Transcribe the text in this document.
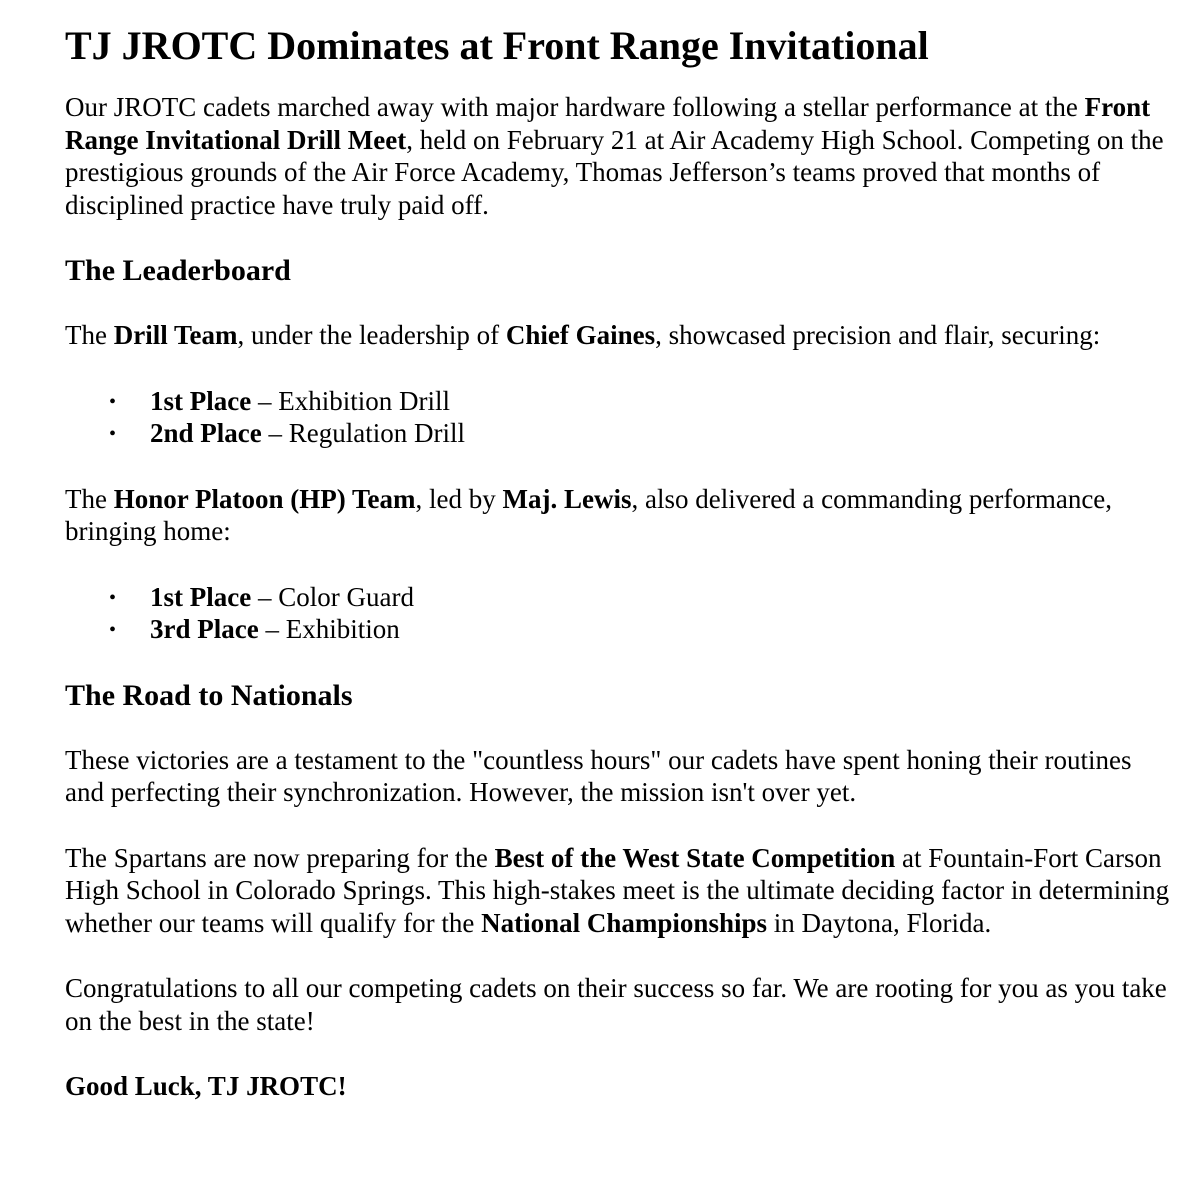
TJ JROTC Dominates at Front Range Invitational

Our JROTC cadets marched away with major hardware following a stellar performance at the Front Range Invitational Drill Meet, held on February 21 at Air Academy High School. Competing on the prestigious grounds of the Air Force Academy, Thomas Jefferson’s teams proved that months of disciplined practice have truly paid off.

The Leaderboard

The Drill Team, under the leadership of Chief Gaines, showcased precision and flair, securing:

• 1st Place – Exhibition Drill
• 2nd Place – Regulation Drill

The Honor Platoon (HP) Team, led by Maj. Lewis, also delivered a commanding performance, bringing home:

• 1st Place – Color Guard
• 3rd Place – Exhibition
The Road to Nationals

These victories are a testament to the "countless hours" our cadets have spent honing their routines and perfecting their synchronization. However, the mission isn't over yet.

The Spartans are now preparing for the Best of the West State Competition at Fountain-Fort Carson High School in Colorado Springs. This high-stakes meet is the ultimate deciding factor in determining whether our teams will qualify for the National Championships in Daytona, Florida.

Congratulations to all our competing cadets on their success so far. We are rooting for you as you take on the best in the state!

Good Luck, TJ JROTC!
